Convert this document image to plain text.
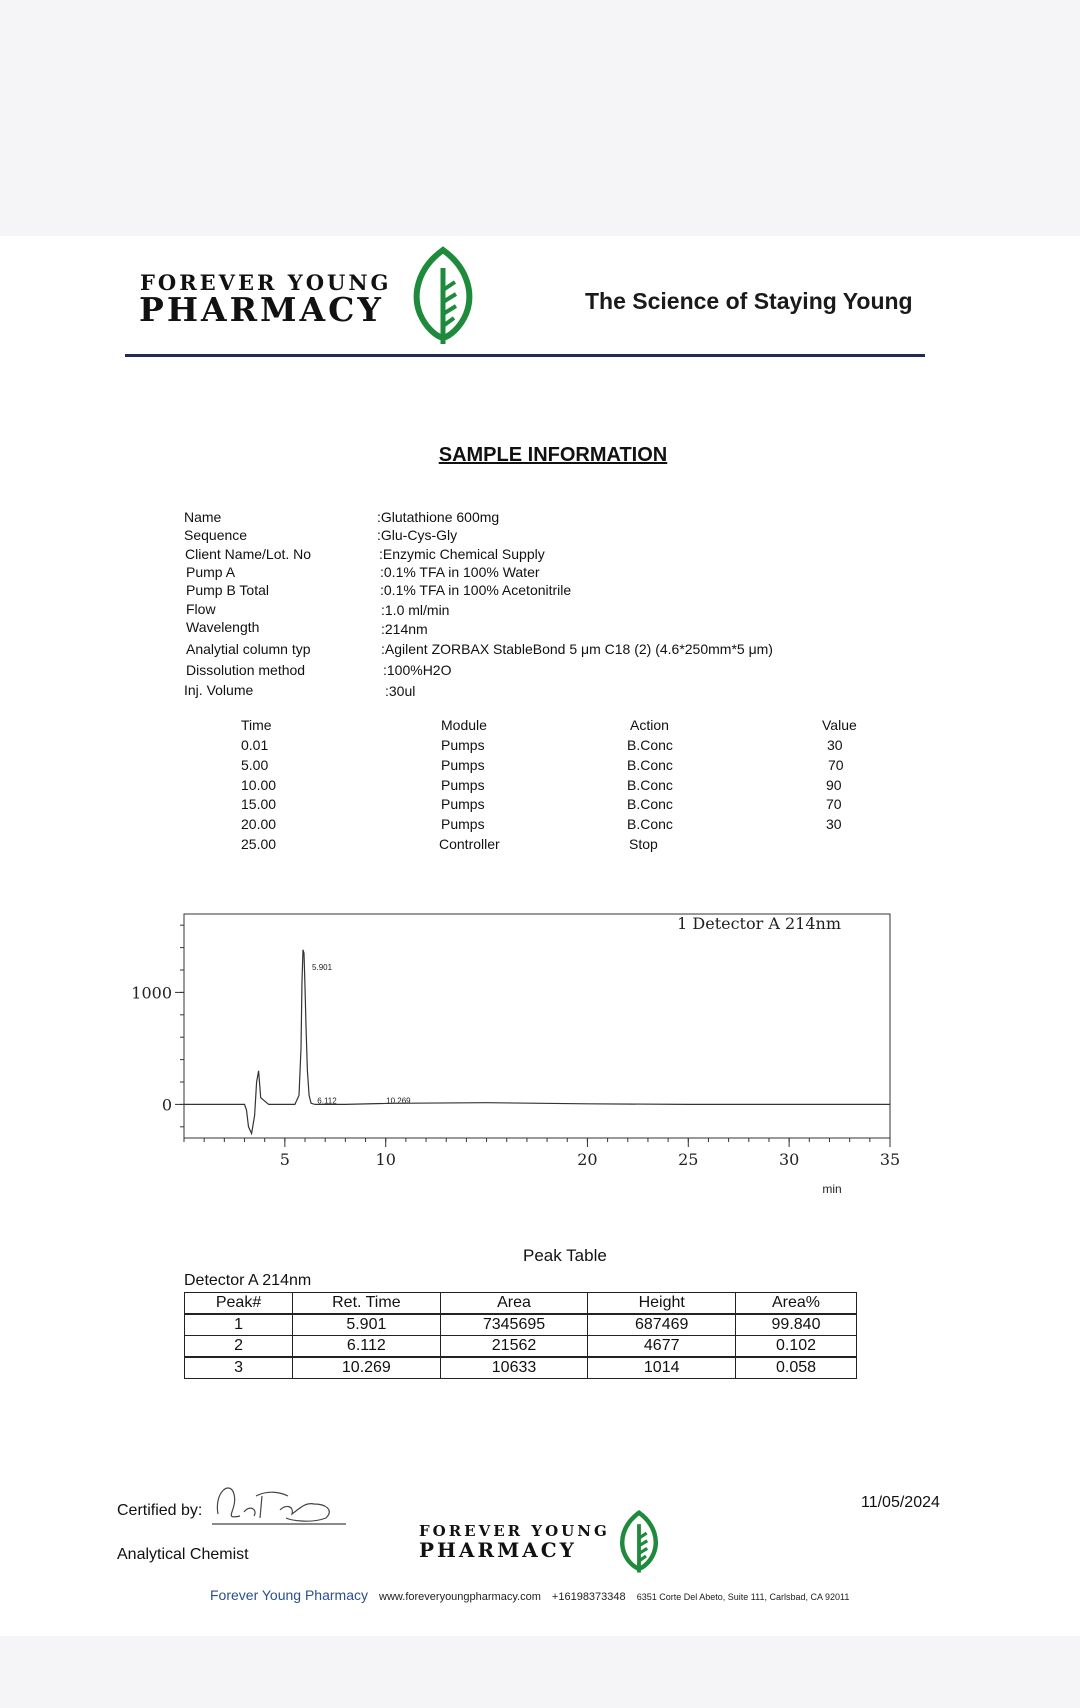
FOREVER YOUNG
PHARMACY	The Science of Staying Young
SAMPLE INFORMATION
Name	:Glutathione 600mg
Sequence	:Glu-Cys-Gly
Client Name/Lot. No	:Enzymic Chemical Supply
Pump A	:0.1% TFA in 100% Water
Pump B Total	:0.1% TFA in 100% Acetonitrile
Flow	:1.0 ml/min
Wavelength	:214nm
Analytial column typ	:Agilent ZORBAX StableBond 5 μm C18 (2) (4.6*250mm*5 μm)
Dissolution method	:100%H2O
Inj. Volume	:30ul
Time	Module	Action	Value
0.01	Pumps	B.Conc	30
5.00	Pumps	B.Conc	70
10.00	Pumps	B.Conc	90
15.00	Pumps	B.Conc	70
20.00	Pumps	B.Conc	30
25.00	Controller	Stop
1 Detector A 214nm
min
5	10	20	25	30	35
1000
0
5.901
6.112	10.269
Peak Table
Detector A 214nm
Peak#	Ret. Time	Area	Height	Area%
1	5.901	7345695	687469	99.840
2	6.112	21562	4677	0.102
3	10.269	10633	1014	0.058
Certified by:
Analytical Chemist
11/05/2024
FOREVER YOUNG
PHARMACY
Forever Young Pharmacy www.foreveryoungpharmacy.com +16198373348 6351 Corte Del Abeto, Suite 111, Carlsbad, CA 92011
